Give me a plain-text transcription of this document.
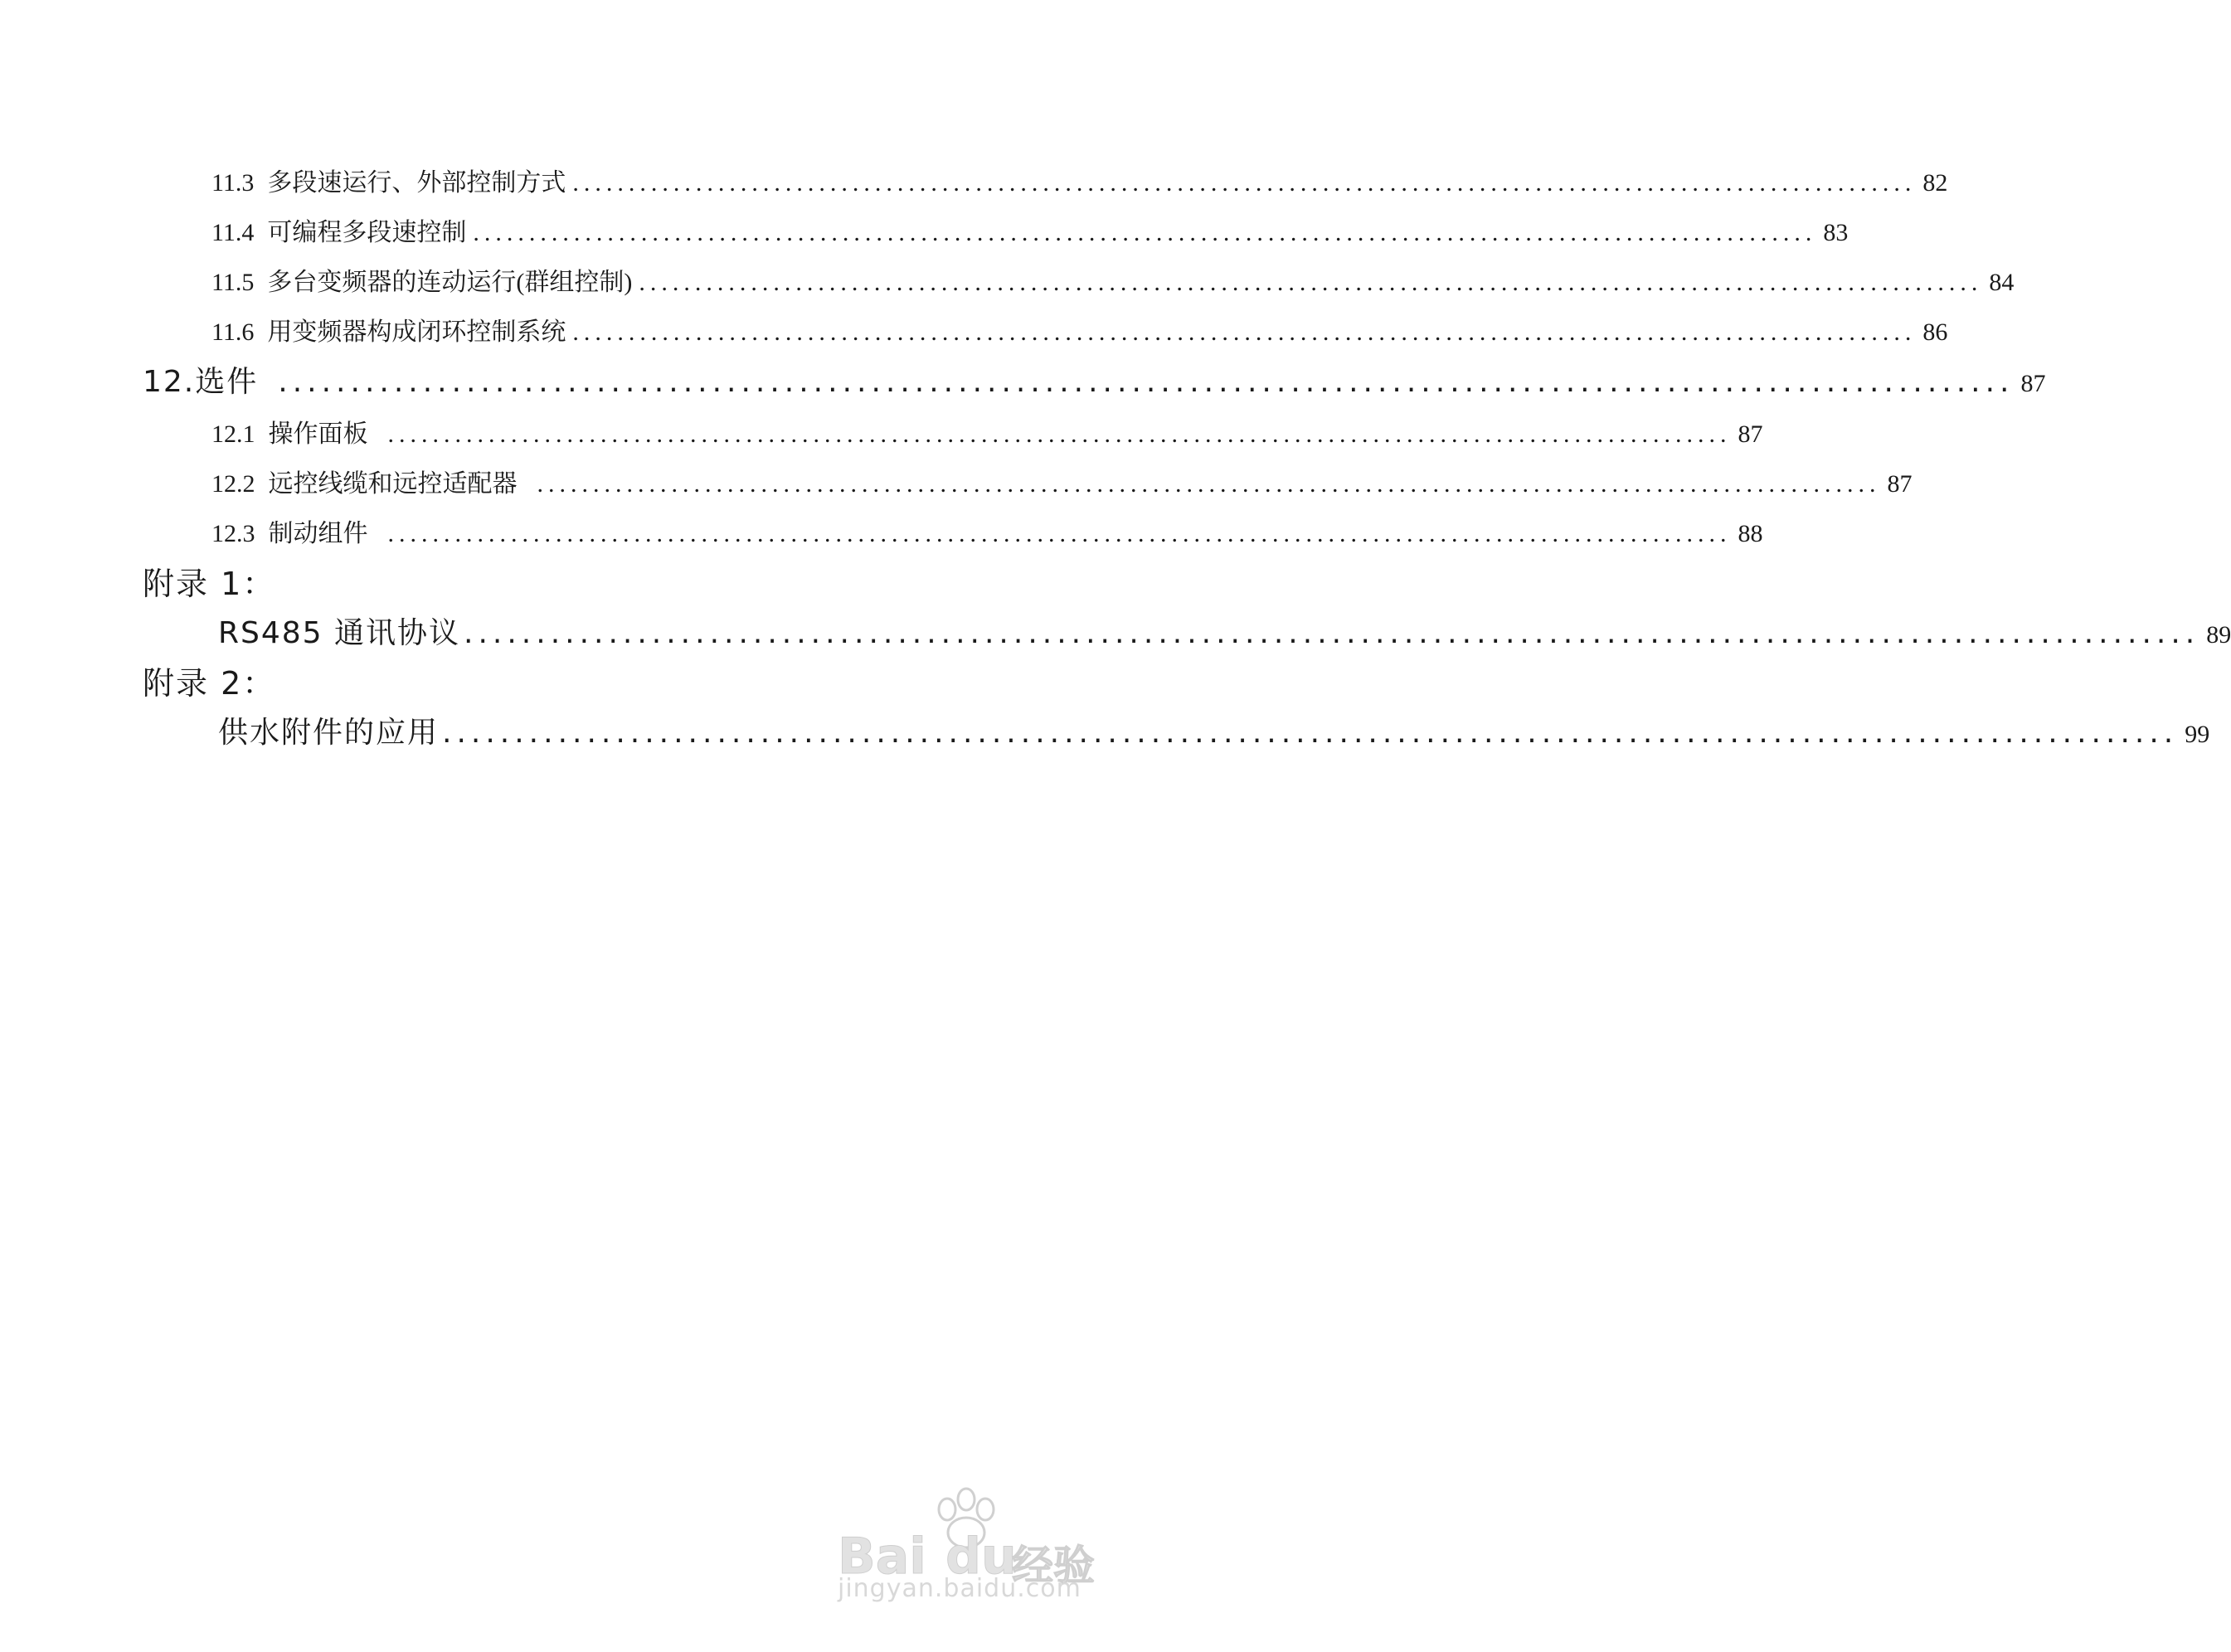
11.3 多段速运行、外部控制方式 ........................................................................................................................ 82
11.4 可编程多段速控制 ........................................................................................................................ 83
11.5 多台变频器的连动运行(群组控制) ........................................................................................................................ 84
11.6 用变频器构成闭环控制系统 ........................................................................................................................ 86
12. 选件 ........................................................................................................................ 87
12.1 操作面板 ........................................................................................................................ 87
12.2 远控线缆和远控适配器 ........................................................................................................................ 87
12.3 制动组件 ........................................................................................................................ 88
附录 1：
RS485 通讯协议 ........................................................................................................................ 89
附录 2：
供水附件的应用 ........................................................................................................................ 99
Bai du
经验
jingyan.baidu.com
